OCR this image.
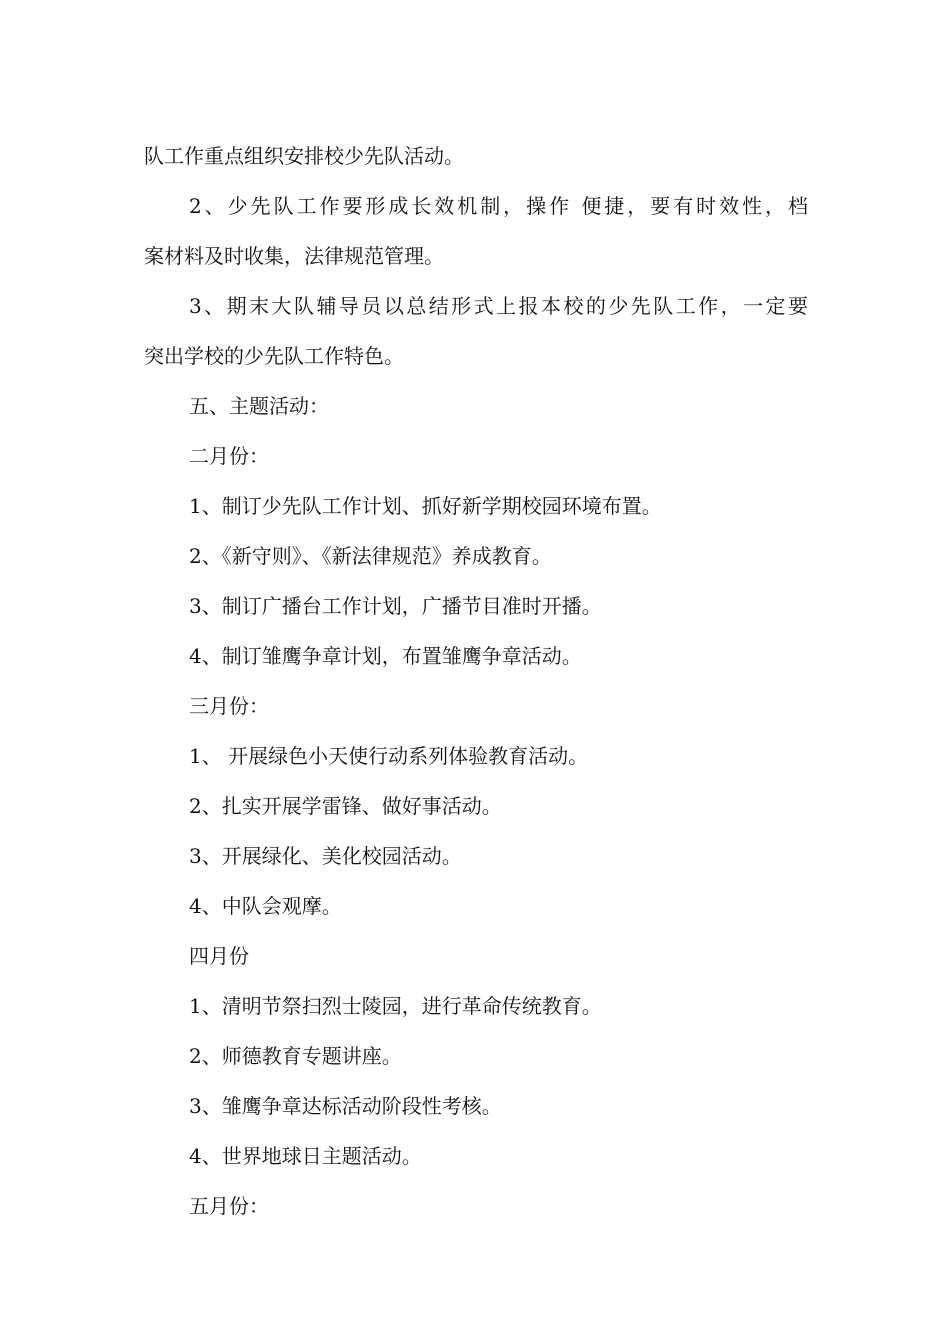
队工作重点组织安排校少先队活动。
2、少先队工作要形成长效机制，操作 便捷，要有时效性，档
案材料及时收集，法律规范管理。
3、期末大队辅导员以总结形式上报本校的少先队工作，一定要
突出学校的少先队工作特色。
五、主题活动：
二月份：
1、制订少先队工作计划、抓好新学期校园环境布置。
2、《新守则》、《新法律规范》养成教育。
3、制订广播台工作计划，广播节目准时开播。
4、制订雏鹰争章计划，布置雏鹰争章活动。
三月份：
1、 开展绿色小天使行动系列体验教育活动。
2、扎实开展学雷锋、做好事活动。
3、开展绿化、美化校园活动。
4、中队会观摩。
四月份
1、清明节祭扫烈士陵园，进行革命传统教育。
2、师德教育专题讲座。
3、雏鹰争章达标活动阶段性考核。
4、世界地球日主题活动。
五月份：
